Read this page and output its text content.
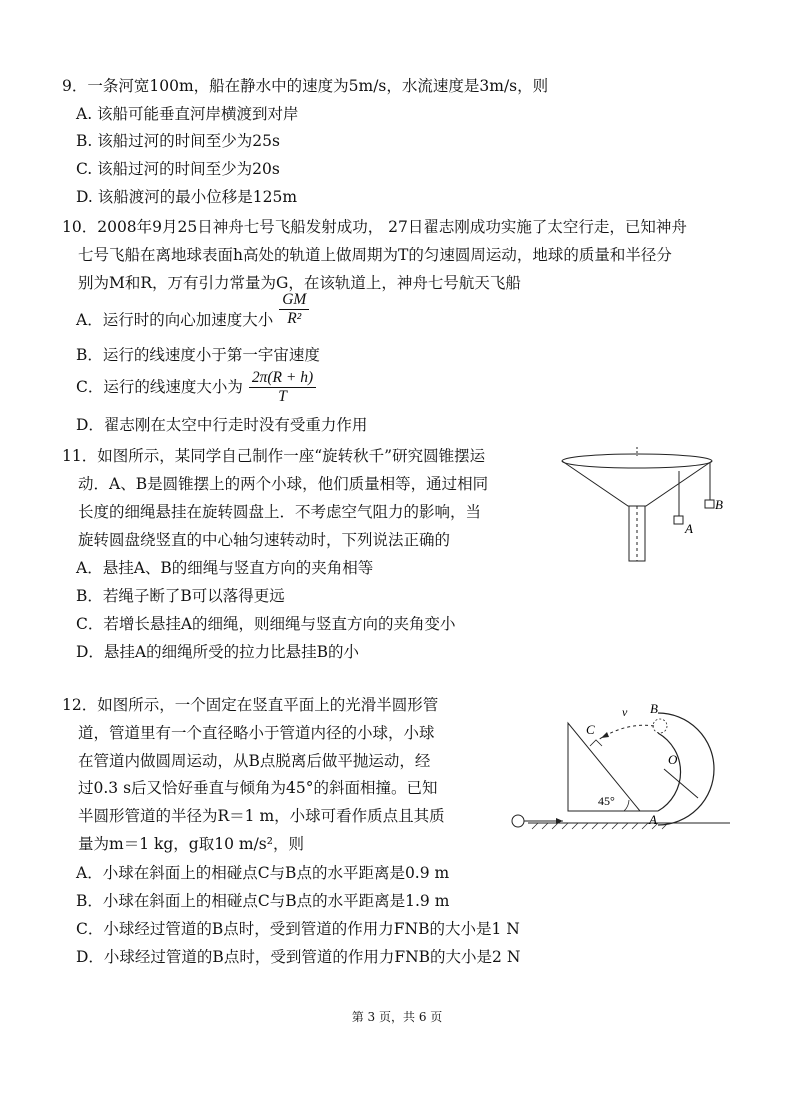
9．一条河宽100m，船在静水中的速度为5m/s，水流速度是3m/s，则
A. 该船可能垂直河岸横渡到对岸
B. 该船过河的时间至少为25s
C. 该船过河的时间至少为20s
D. 该船渡河的最小位移是125m
10．2008年9月25日神舟七号飞船发射成功， 27日翟志刚成功实施了太空行走，已知神舟
七号飞船在离地球表面h高处的轨道上做周期为T的匀速圆周运动，地球的质量和半径分
别为M和R，万有引力常量为G，在该轨道上，神舟七号航天飞船
A．运行时的向心加速度大小 $\frac{GM}{\text{R²}}$
B．运行的线速度小于第一宇宙速度
C．运行的线速度大小为 $\frac{2\pi(R + h)}{T}$
D．翟志刚在太空中行走时没有受重力作用
11．如图所示，某同学自己制作一座“旋转秋千”研究圆锥摆运
动．A、B是圆锥摆上的两个小球，他们质量相等，通过相同
长度的细绳悬挂在旋转圆盘上．不考虑空气阻力的影响，当
旋转圆盘绕竖直的中心轴匀速转动时，下列说法正确的
A．悬挂A、B的细绳与竖直方向的夹角相等
B．若绳子断了B可以落得更远
C．若增长悬挂A的细绳，则细绳与竖直方向的夹角变小
D．悬挂A的细绳所受的拉力比悬挂B的小
A
B
12．如图所示，一个固定在竖直平面上的光滑半圆形管
道，管道里有一个直径略小于管道内径的小球，小球
在管道内做圆周运动，从B点脱离后做平抛运动，经
过0.3 s后又恰好垂直与倾角为45°的斜面相撞。已知
半圆形管道的半径为R＝1 m，小球可看作质点且其质
量为m＝1 kg，g取10 m/s²，则
A．小球在斜面上的相碰点C与B点的水平距离是0.9 m
B．小球在斜面上的相碰点C与B点的水平距离是1.9 m
C．小球经过管道的B点时，受到管道的作用力FNB的大小是1 N
D．小球经过管道的B点时，受到管道的作用力FNB的大小是2 N
45°
C
v B
O
A
第 3 页，共 6 页
